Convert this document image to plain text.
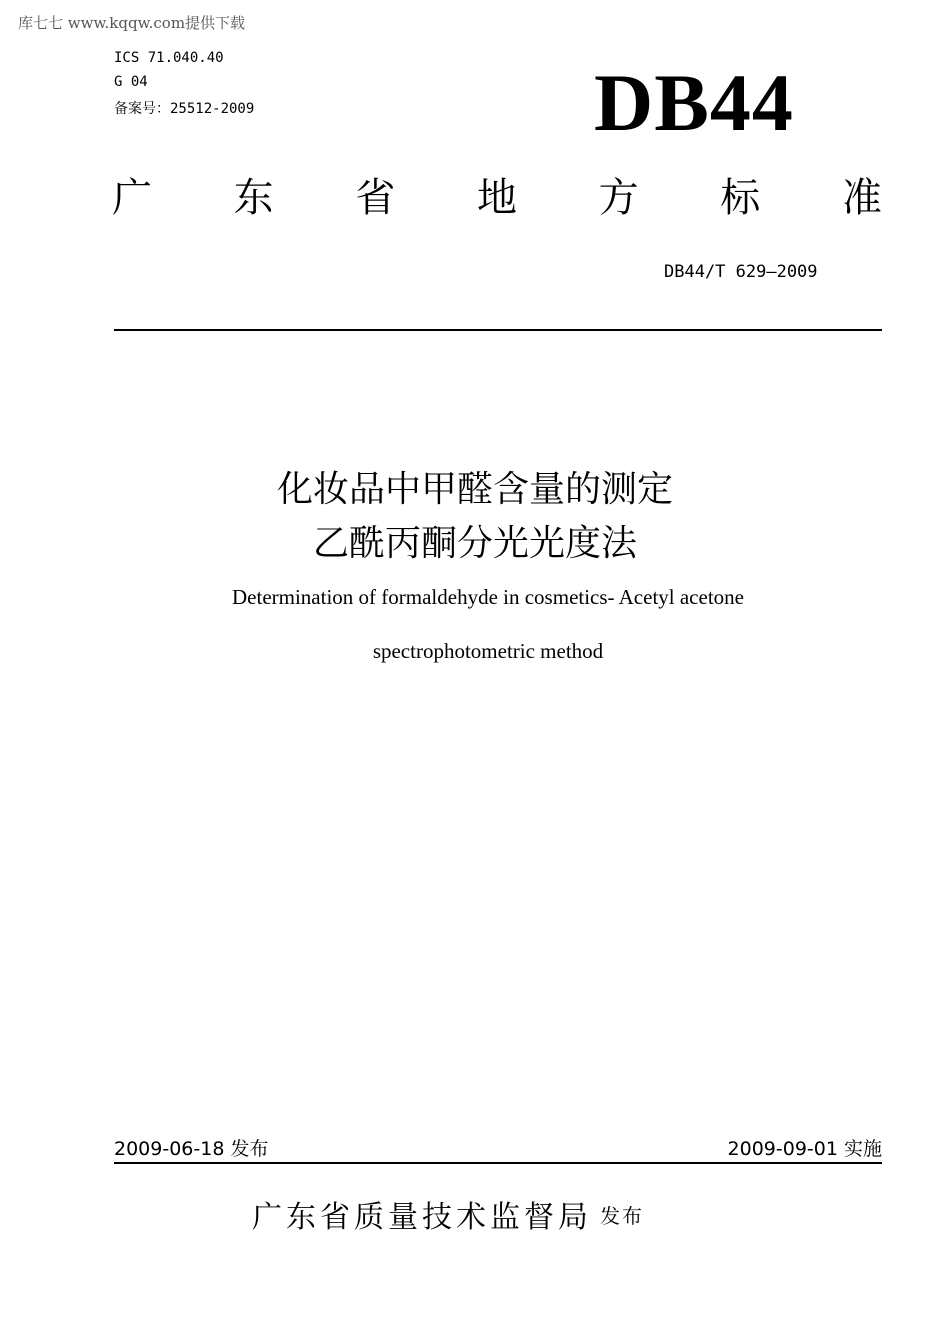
库七七 www.kqqw.com提供下载
ICS 71.040.40
G 04
备案号：25512-2009	DB44
广 东 省 地 方 标 准
DB44/T 629—2009
化妆品中甲醛含量的测定
乙酰丙酮分光光度法
Determination of formaldehyde in cosmetics- Acetyl acetone
spectrophotometric method
2009-06-18 发布	2009-09-01 实施
广东省质量技术监督局 发布
